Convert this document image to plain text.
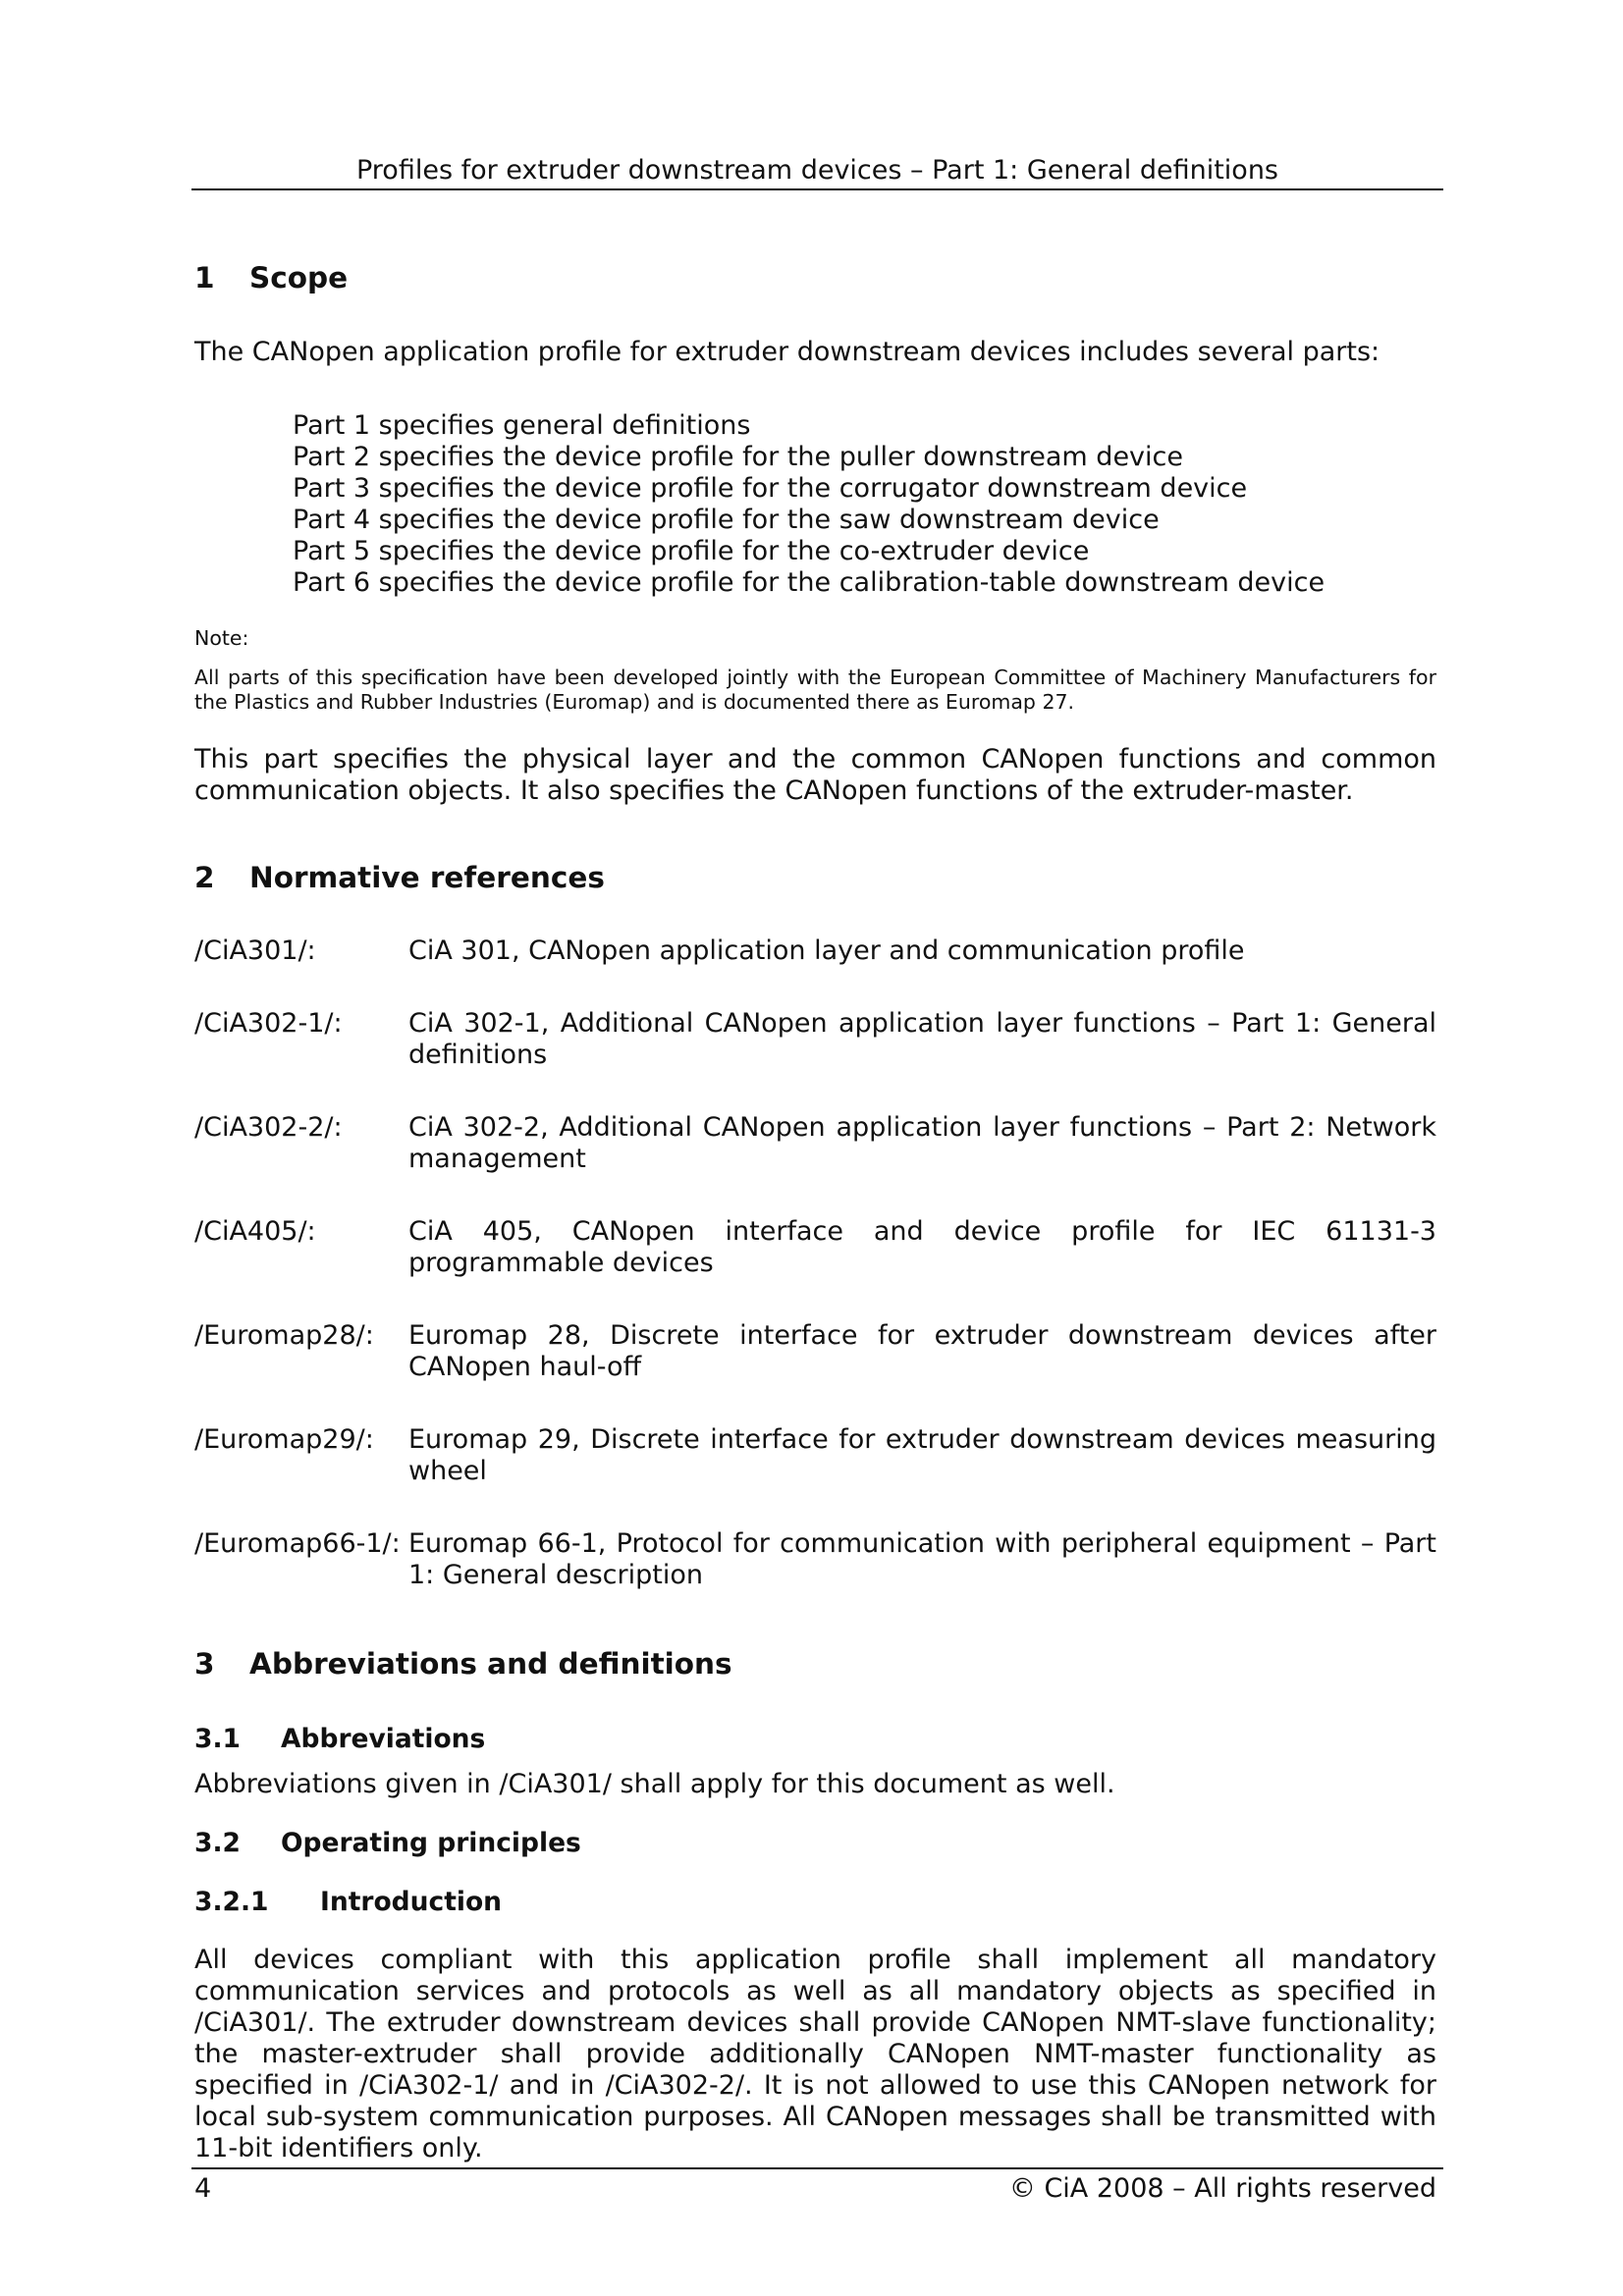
Profiles for extruder downstream devices – Part 1: General definitions
1 Scope
The CANopen application profile for extruder downstream devices includes several parts:
Part 1 specifies general definitions
Part 2 specifies the device profile for the puller downstream device
Part 3 specifies the device profile for the corrugator downstream device
Part 4 specifies the device profile for the saw downstream device
Part 5 specifies the device profile for the co-extruder device
Part 6 specifies the device profile for the calibration-table downstream device
Note:
All parts of this specification have been developed jointly with the European Committee of Machinery Manufacturers for the Plastics and Rubber Industries (Euromap) and is documented there as Euromap 27.
This part specifies the physical layer and the common CANopen functions and common communication objects. It also specifies the CANopen functions of the extruder-master.
2 Normative references
/CiA301/:	CiA 301, CANopen application layer and communication profile
/CiA302-1/: CiA 302-1, Additional CANopen application layer functions – Part 1: General definitions
/CiA302-2/: CiA 302-2, Additional CANopen application layer functions – Part 2: Network management
/CiA405/:	CiA 405, CANopen interface and device profile for IEC 61131-3 programmable devices
/Euromap28/: Euromap 28, Discrete interface for extruder downstream devices after CANopen haul-off
/Euromap29/: Euromap 29, Discrete interface for extruder downstream devices measuring wheel
/Euromap66-1/: Euromap 66-1, Protocol for communication with peripheral equipment – Part 1: General description
3 Abbreviations and definitions
3.1 Abbreviations
Abbreviations given in /CiA301/ shall apply for this document as well.
3.2 Operating principles
3.2.1 Introduction
All devices compliant with this application profile shall implement all mandatory communication services and protocols as well as all mandatory objects as specified in /CiA301/. The extruder downstream devices shall provide CANopen NMT-slave functionality; the master-extruder shall provide additionally CANopen NMT-master functionality as specified in /CiA302-1/ and in /CiA302-2/. It is not allowed to use this CANopen network for local sub-system communication purposes. All CANopen messages shall be transmitted with 11-bit identifiers only.
4	© CiA 2008 – All rights reserved
